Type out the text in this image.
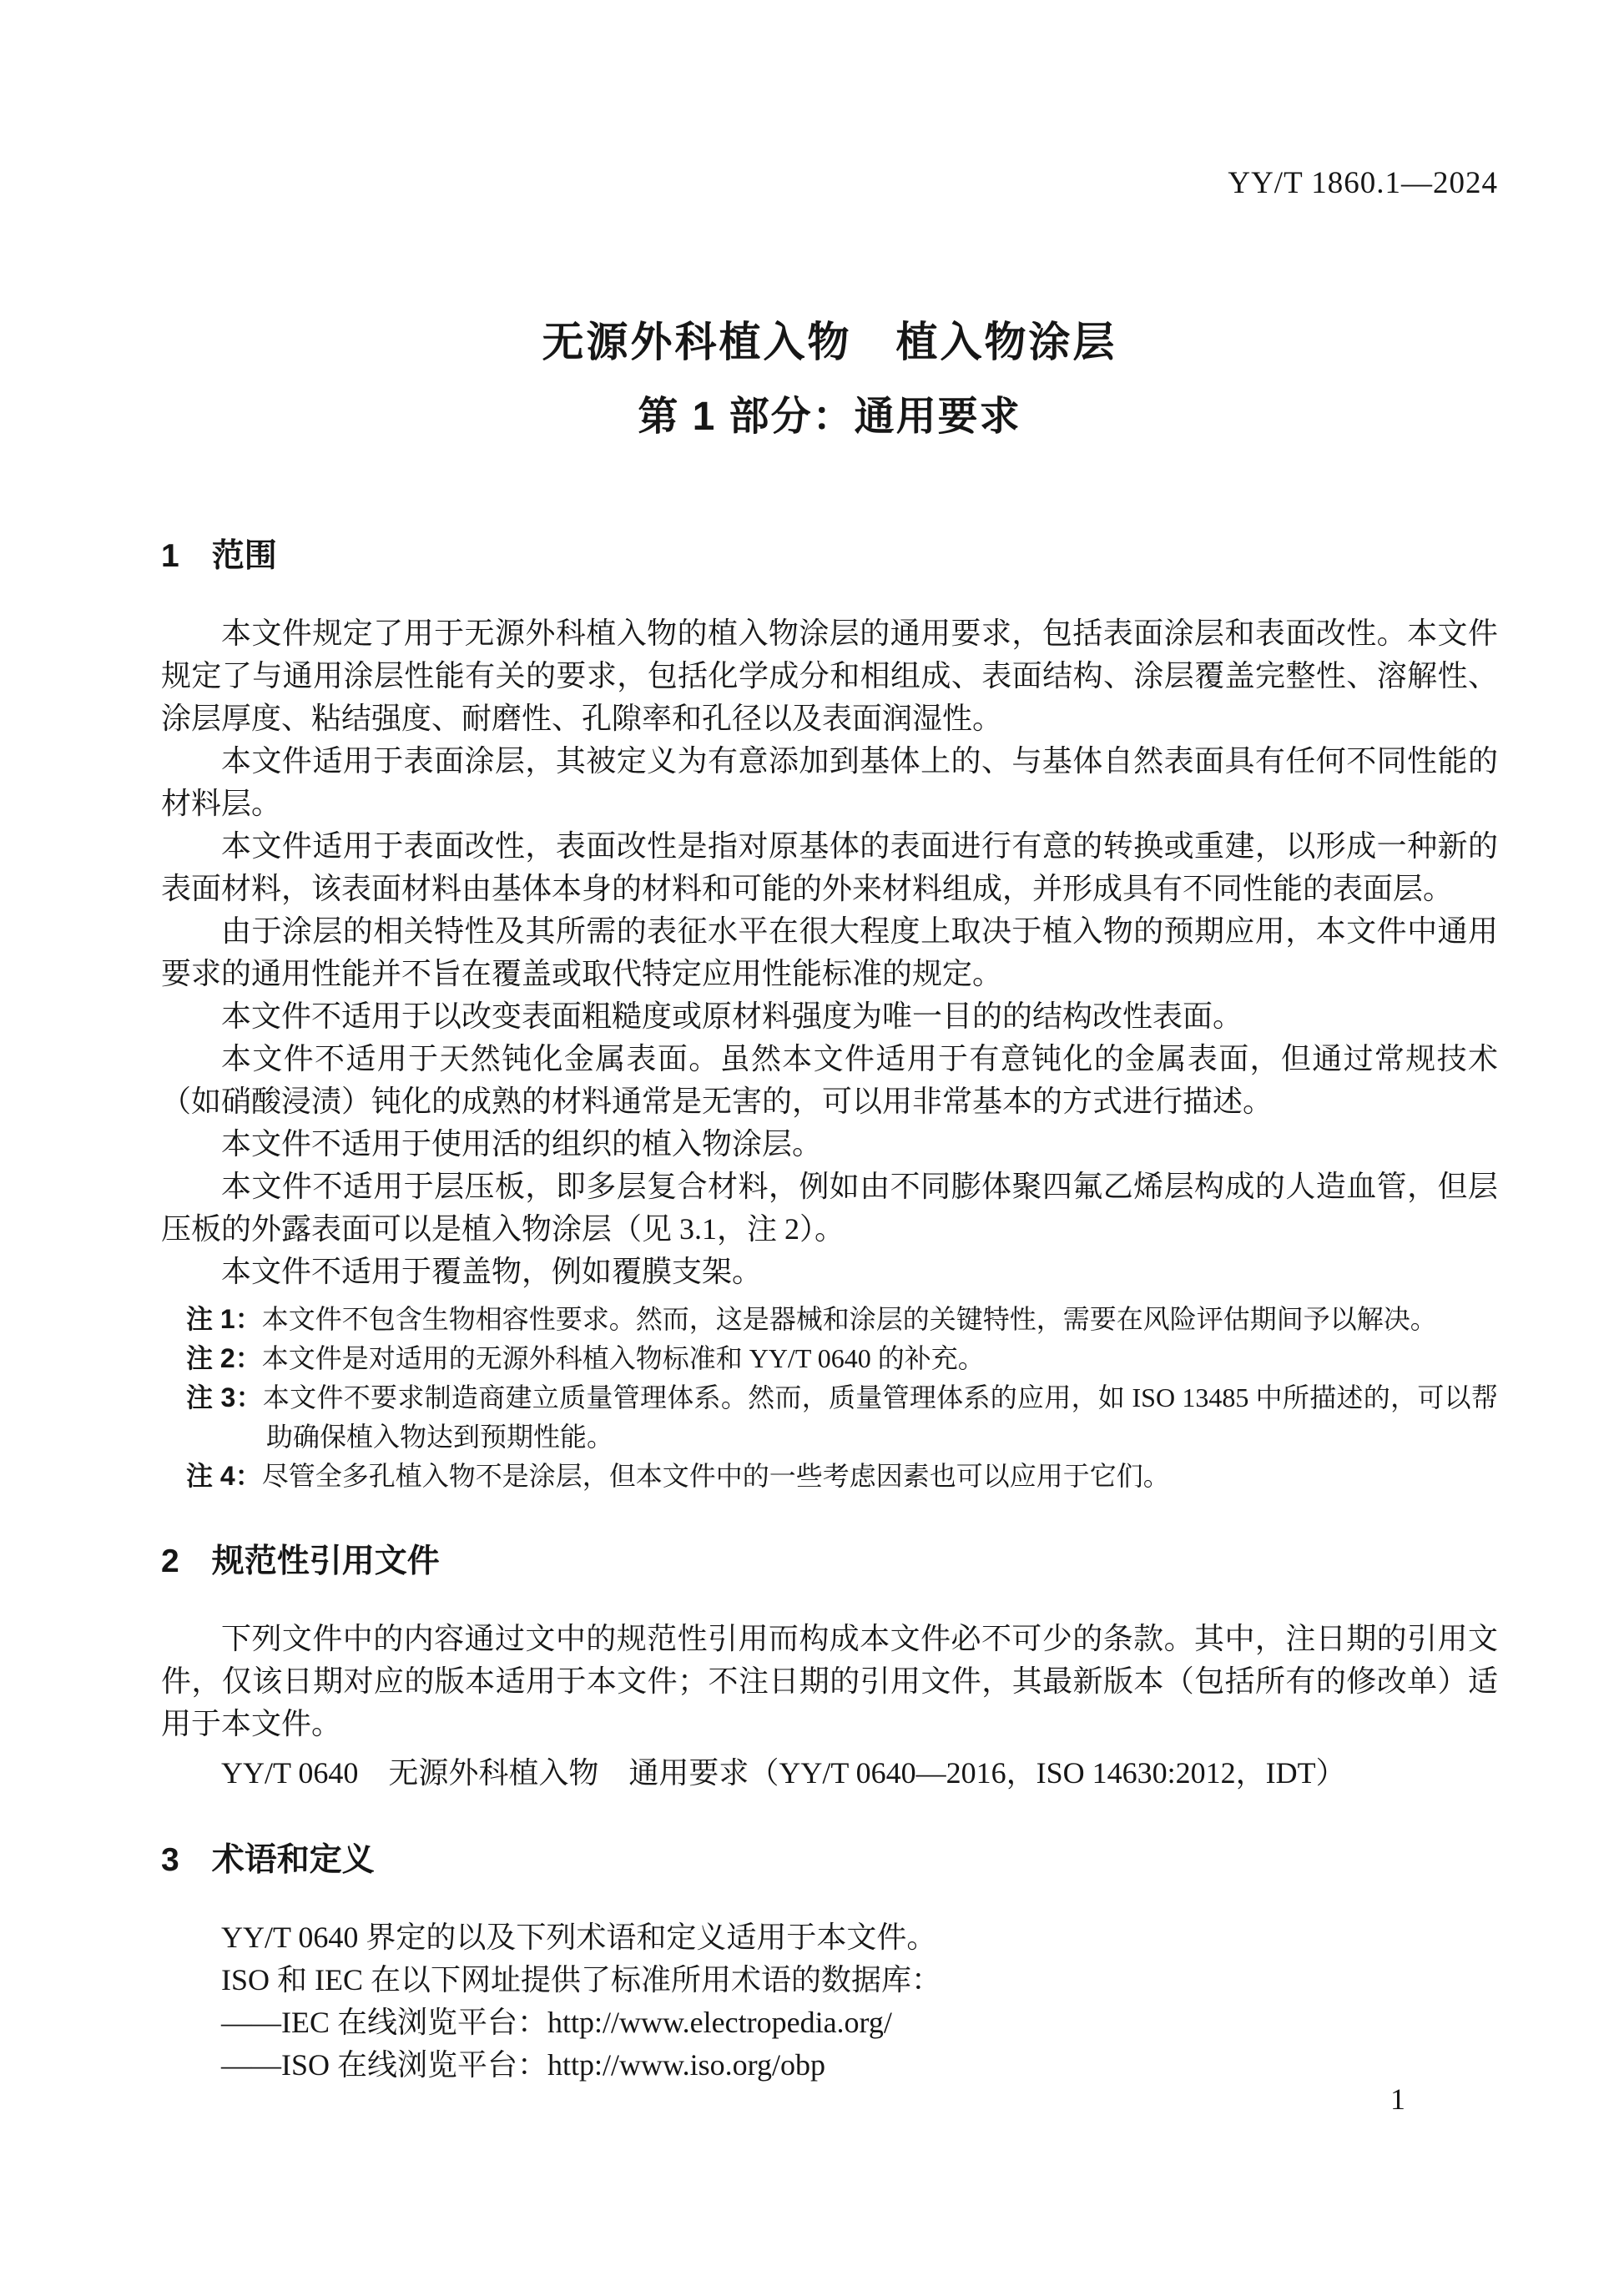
YY/T 1860.1—2024

无源外科植入物　植入物涂层
第 1 部分：通用要求
1　范围

本文件规定了用于无源外科植入物的植入物涂层的通用要求，包括表面涂层和表面改性。本文件规定了与通用涂层性能有关的要求，包括化学成分和相组成、表面结构、涂层覆盖完整性、溶解性、涂层厚度、粘结强度、耐磨性、孔隙率和孔径以及表面润湿性。

本文件适用于表面涂层，其被定义为有意添加到基体上的、与基体自然表面具有任何不同性能的材料层。

本文件适用于表面改性，表面改性是指对原基体的表面进行有意的转换或重建，以形成一种新的表面材料，该表面材料由基体本身的材料和可能的外来材料组成，并形成具有不同性能的表面层。

由于涂层的相关特性及其所需的表征水平在很大程度上取决于植入物的预期应用，本文件中通用要求的通用性能并不旨在覆盖或取代特定应用性能标准的规定。

本文件不适用于以改变表面粗糙度或原材料强度为唯一目的的结构改性表面。

本文件不适用于天然钝化金属表面。虽然本文件适用于有意钝化的金属表面，但通过常规技术（如硝酸浸渍）钝化的成熟的材料通常是无害的，可以用非常基本的方式进行描述。

本文件不适用于使用活的组织的植入物涂层。

本文件不适用于层压板，即多层复合材料，例如由不同膨体聚四氟乙烯层构成的人造血管，但层压板的外露表面可以是植入物涂层（见 3.1，注 2）。

本文件不适用于覆盖物，例如覆膜支架。

注 1：本文件不包含生物相容性要求。然而，这是器械和涂层的关键特性，需要在风险评估期间予以解决。

注 2：本文件是对适用的无源外科植入物标准和 YY/T 0640 的补充。

注 3：本文件不要求制造商建立质量管理体系。然而，质量管理体系的应用，如 ISO 13485 中所描述的，可以帮助确保植入物达到预期性能。

注 4：尽管全多孔植入物不是涂层，但本文件中的一些考虑因素也可以应用于它们。

2　规范性引用文件

下列文件中的内容通过文中的规范性引用而构成本文件必不可少的条款。其中，注日期的引用文件，仅该日期对应的版本适用于本文件；不注日期的引用文件，其最新版本（包括所有的修改单）适用于本文件。

YY/T 0640　无源外科植入物　通用要求（YY/T 0640—2016，ISO 14630:2012，IDT）

3　术语和定义

YY/T 0640 界定的以及下列术语和定义适用于本文件。

ISO 和 IEC 在以下网址提供了标准所用术语的数据库：

——IEC 在线浏览平台：http://www.electropedia.org/

——ISO 在线浏览平台：http://www.iso.org/obp

1
